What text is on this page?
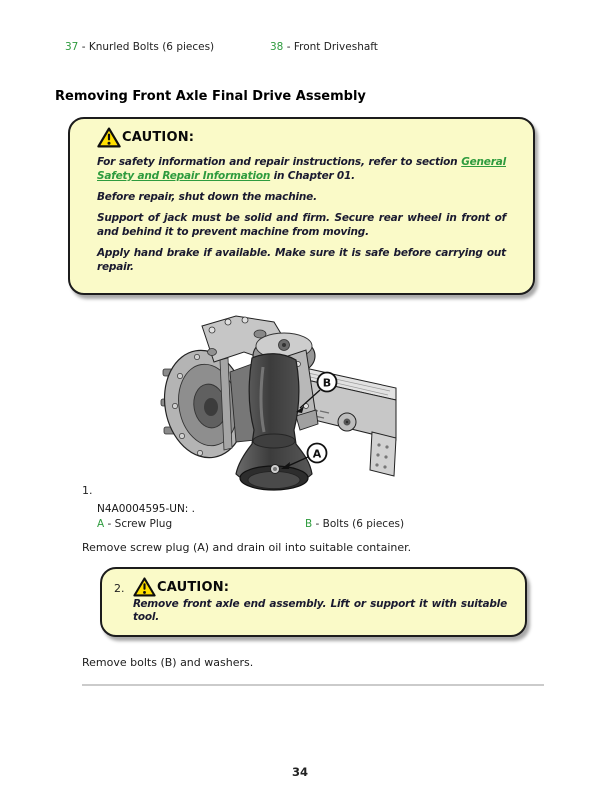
37 - Knurled Bolts (6 pieces)	38 - Front Driveshaft
Removing Front Axle Final Drive Assembly
CAUTION:

For safety information and repair instructions, refer to section General Safety and Repair Information in Chapter 01.

Before repair, shut down the machine.

Support of jack must be solid and firm. Secure rear wheel in front of and behind it to prevent machine from moving.

Apply hand brake if available. Make sure it is safe before carrying out repair.

B
A
1.
N4A0004595-UN: .
A - Screw Plug	B - Bolts (6 pieces)

Remove screw plug (A) and drain oil into suitable container.

2.	CAUTION:

Remove front axle end assembly. Lift or support it with suitable tool.

Remove bolts (B) and washers.

34
